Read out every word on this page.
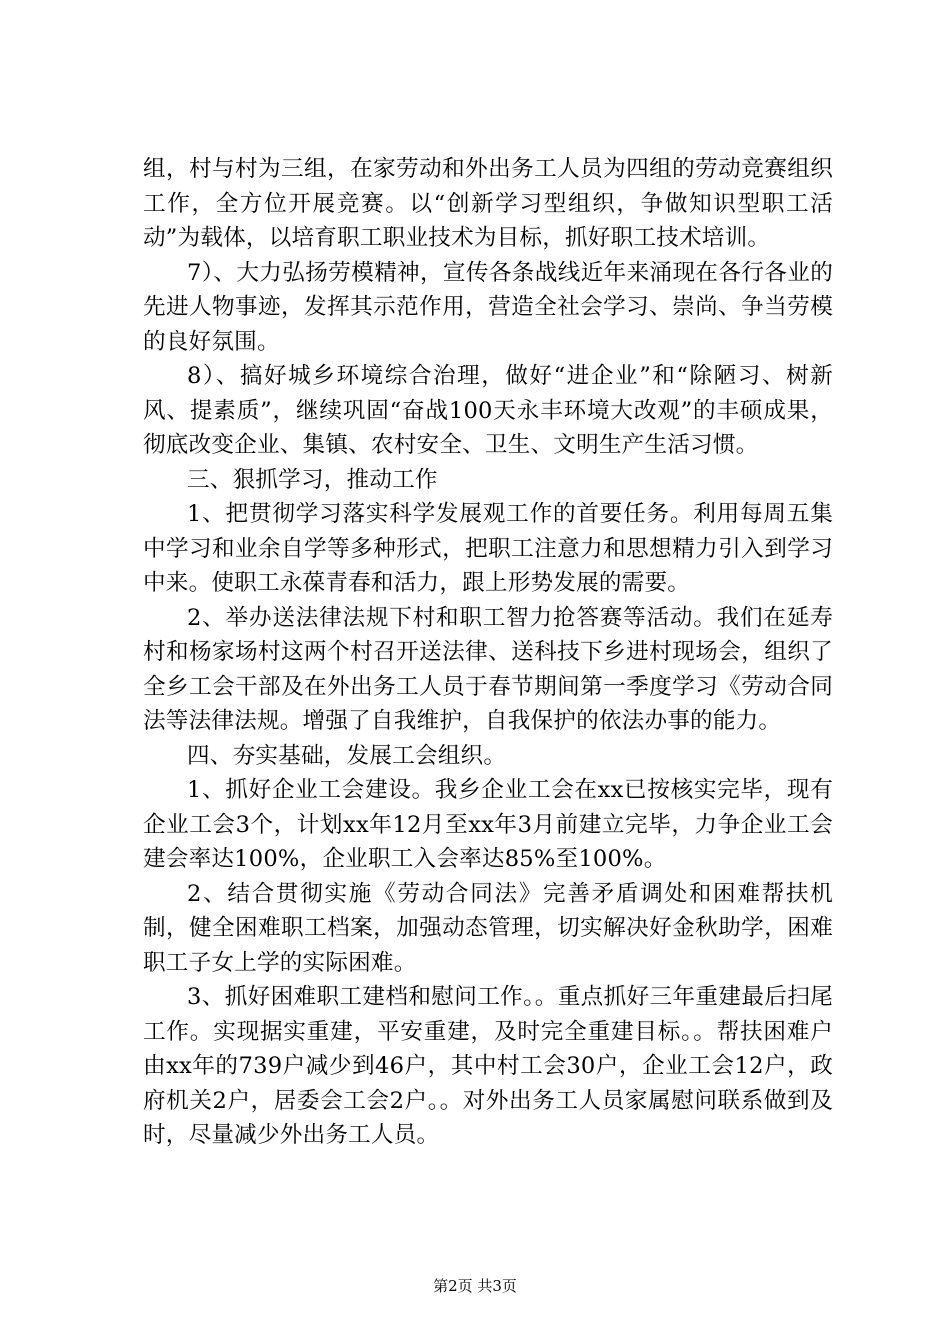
组，村与村为三组，在家劳动和外出务工人员为四组的劳动竞赛组织工作，全方位开展竞赛。以“创新学习型组织，争做知识型职工活动”为载体，以培育职工职业技术为目标，抓好职工技术培训。

7）、大力弘扬劳模精神，宣传各条战线近年来涌现在各行各业的先进人物事迹，发挥其示范作用，营造全社会学习、崇尚、争当劳模的良好氛围。

8）、搞好城乡环境综合治理，做好“进企业”和“除陋习、树新风、提素质”，继续巩固“奋战100天永丰环境大改观”的丰硕成果，彻底改变企业、集镇、农村安全、卫生、文明生产生活习惯。

三、狠抓学习，推动工作

1、把贯彻学习落实科学发展观工作的首要任务。利用每周五集中学习和业余自学等多种形式，把职工注意力和思想精力引入到学习中来。使职工永葆青春和活力，跟上形势发展的需要。

2、举办送法律法规下村和职工智力抢答赛等活动。我们在延寿村和杨家场村这两个村召开送法律、送科技下乡进村现场会，组织了全乡工会干部及在外出务工人员于春节期间第一季度学习《劳动合同法等法律法规。增强了自我维护，自我保护的依法办事的能力。

四、夯实基础，发展工会组织。

1、抓好企业工会建设。我乡企业工会在xx已按核实完毕，现有企业工会3个，计划xx年12月至xx年3月前建立完毕，力争企业工会建会率达100%，企业职工入会率达85%至100%。

2、结合贯彻实施《劳动合同法》完善矛盾调处和困难帮扶机制，健全困难职工档案，加强动态管理，切实解决好金秋助学，困难职工子女上学的实际困难。

3、抓好困难职工建档和慰问工作。。重点抓好三年重建最后扫尾工作。实现据实重建，平安重建，及时完全重建目标。。帮扶困难户由xx年的739户减少到46户，其中村工会30户，企业工会12户，政府机关2户，居委会工会2户。。对外出务工人员家属慰问联系做到及时，尽量减少外出务工人员。

第2页 共3页
